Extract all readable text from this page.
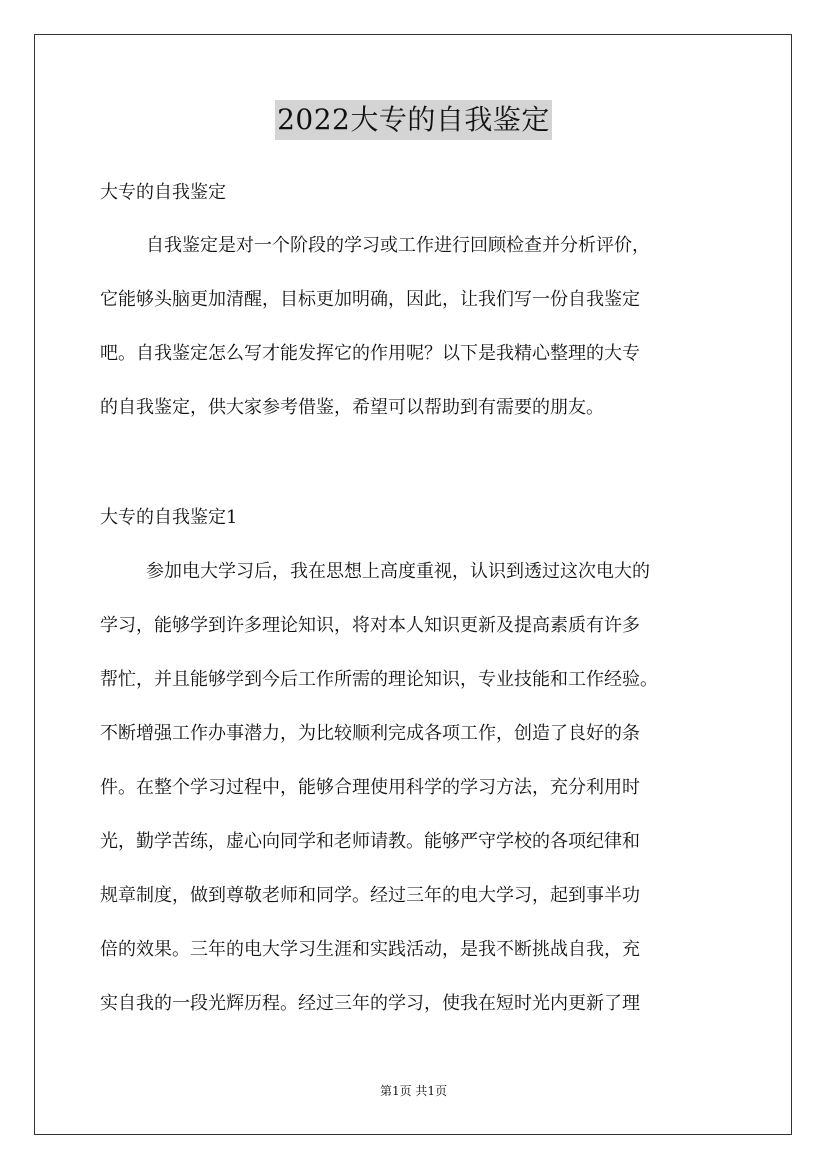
2022大专的自我鉴定
大专的自我鉴定
自我鉴定是对一个阶段的学习或工作进行回顾检查并分析评价，
它能够头脑更加清醒，目标更加明确，因此，让我们写一份自我鉴定
吧。自我鉴定怎么写才能发挥它的作用呢？以下是我精心整理的大专
的自我鉴定，供大家参考借鉴，希望可以帮助到有需要的朋友。
大专的自我鉴定1
参加电大学习后，我在思想上高度重视，认识到透过这次电大的
学习，能够学到许多理论知识，将对本人知识更新及提高素质有许多
帮忙，并且能够学到今后工作所需的理论知识，专业技能和工作经验。
不断增强工作办事潜力，为比较顺利完成各项工作，创造了良好的条
件。在整个学习过程中，能够合理使用科学的学习方法，充分利用时
光，勤学苦练，虚心向同学和老师请教。能够严守学校的各项纪律和
规章制度，做到尊敬老师和同学。经过三年的电大学习，起到事半功
倍的效果。三年的电大学习生涯和实践活动，是我不断挑战自我，充
实自我的一段光辉历程。经过三年的学习，使我在短时光内更新了理
第1页 共1页
